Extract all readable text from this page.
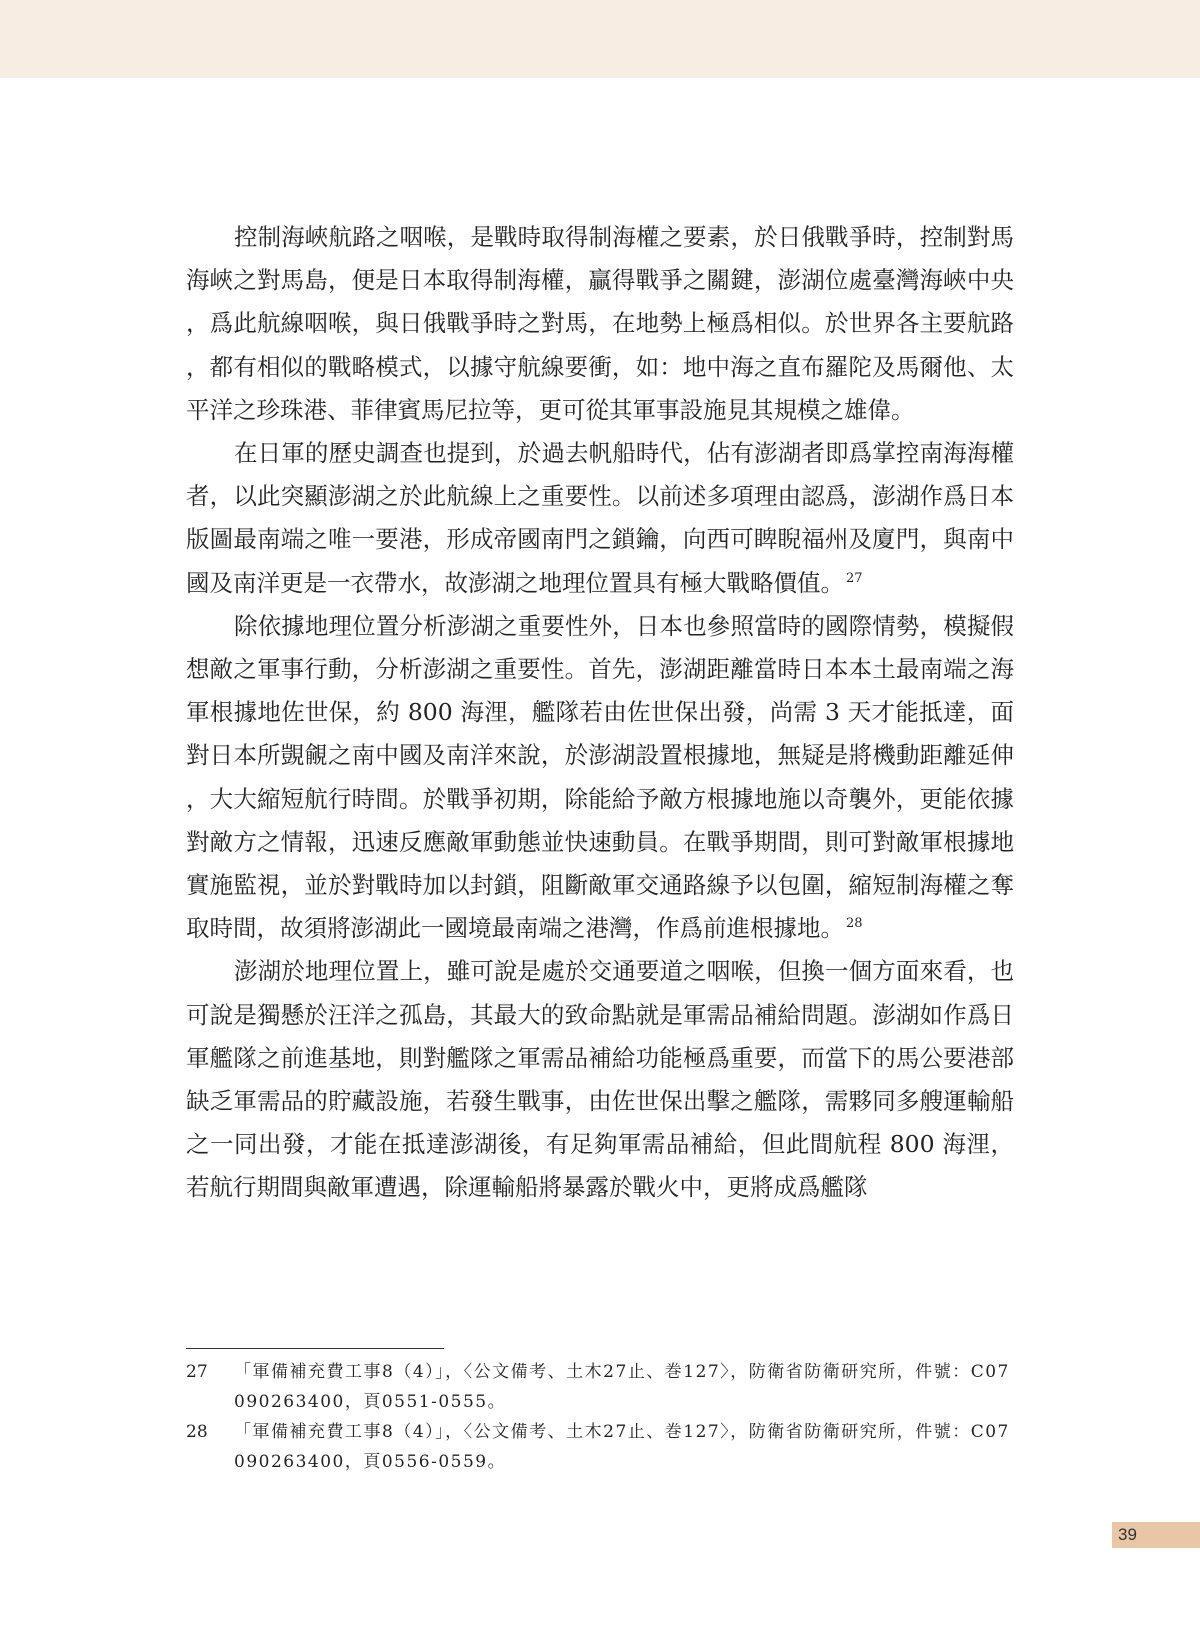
控制海峽航路之咽喉，是戰時取得制海權之要素，於日俄戰爭時，控制對馬海峽之對馬島，便是日本取得制海權，贏得戰爭之關鍵，澎湖位處臺灣海峽中央，爲此航線咽喉，與日俄戰爭時之對馬，在地勢上極爲相似。於世界各主要航路，都有相似的戰略模式，以據守航線要衝，如：地中海之直布羅陀及馬爾他、太平洋之珍珠港、菲律賓馬尼拉等，更可從其軍事設施見其規模之雄偉。

在日軍的歷史調查也提到，於過去帆船時代，佔有澎湖者即爲掌控南海海權者，以此突顯澎湖之於此航線上之重要性。以前述多項理由認爲，澎湖作爲日本版圖最南端之唯一要港，形成帝國南門之鎖鑰，向西可睥睨福州及廈門，與南中國及南洋更是一衣帶水，故澎湖之地理位置具有極大戰略價值。 $^{27}$

除依據地理位置分析澎湖之重要性外，日本也參照當時的國際情勢，模擬假想敵之軍事行動，分析澎湖之重要性。首先，澎湖距離當時日本本土最南端之海軍根據地佐世保，約 800 海浬，艦隊若由佐世保出發，尚需 3 天才能抵達，面對日本所覬覦之南中國及南洋來說，於澎湖設置根據地，無疑是將機動距離延伸，大大縮短航行時間。於戰爭初期，除能給予敵方根據地施以奇襲外，更能依據對敵方之情報，迅速反應敵軍動態並快速動員。在戰爭期間，則可對敵軍根據地實施監視，並於對戰時加以封鎖，阻斷敵軍交通路線予以包圍，縮短制海權之奪取時間，故須將澎湖此一國境最南端之港灣，作爲前進根據地。 $^{28}$

澎湖於地理位置上，雖可說是處於交通要道之咽喉，但換一個方面來看，也可說是獨懸於汪洋之孤島，其最大的致命點就是軍需品補給問題。澎湖如作爲日軍艦隊之前進基地，則對艦隊之軍需品補給功能極爲重要，而當下的馬公要港部缺乏軍需品的貯藏設施，若發生戰事，由佐世保出擊之艦隊，需夥同多艘運輸船之一同出發，才能在抵達澎湖後，有足夠軍需品補給，但此間航程 800 海浬，若航行期間與敵軍遭遇，除運輸船將暴露於戰火中，更將成爲艦隊

27 「軍備補充費工事8（4）」，〈公文備考、土木27止、巻127〉，防衛省防衛研究所，件號：C07090263400，頁0551-0555。
28 「軍備補充費工事8（4）」，〈公文備考、土木27止、巻127〉，防衛省防衛研究所，件號：C07090263400，頁0556-0559。
39
